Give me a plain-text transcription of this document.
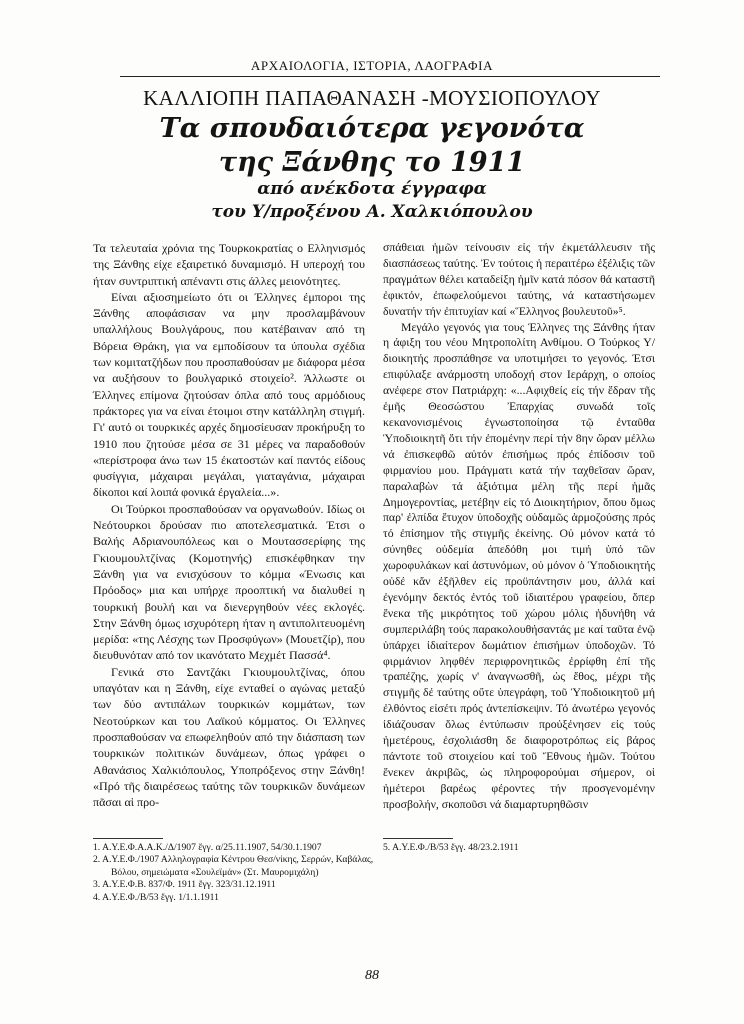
ΑΡΧΑΙΟΛΟΓΙΑ, ΙΣΤΟΡΙΑ, ΛΑΟΓΡΑΦΙΑ
ΚΑΛΛΙΟΠΗ ΠΑΠΑΘΑΝΑΣΗ -ΜΟΥΣΙΟΠΟΥΛΟΥ
Τα σπουδαιότερα γεγονότα
της Ξάνθης το 1911
από ανέκδοτα έγγραφα
του Υ/προξένου Α. Χαλκιόπουλου

Τα τελευταία χρόνια της Τουρκοκρατίας ο Ελληνισμός της Ξάνθης είχε εξαιρετικό δυναμισμό. Η υπεροχή του ήταν συντριπτική απέναντι στις άλλες μειονότητες.

Είναι αξιοσημείωτο ότι οι Έλληνες έμποροι της Ξάνθης αποφάσισαν να μην προσλαμβάνουν υπαλλήλους Βουλγάρους, που κατέβαιναν από τη Βόρεια Θράκη, για να εμποδίσουν τα ύπουλα σχέδια των κομιτατζήδων που προσπαθούσαν με διάφορα μέσα να αυξήσουν το βουλγαρικό στοιχείο². Άλλωστε οι Έλληνες επίμονα ζητούσαν όπλα από τους αρμόδιους πράκτορες για να είναι έτοιμοι στην κατάλληλη στιγμή. Γι' αυτό οι τουρκικές αρχές δημοσίευσαν προκήρυξη το 1910 που ζητούσε μέσα σε 31 μέρες να παραδοθούν «περίστροφα άνω των 15 έκατοστών καί παντός είδους φυσίγγια, μάχαιραι μεγάλαι, γιαταγάνια, μάχαιραι δίκοποι καί λοιπά φονικά έργαλεία...».

Οι Τούρκοι προσπαθούσαν να οργανωθούν. Ιδίως οι Νεότουρκοι δρούσαν πιο αποτελεσματικά. Έτσι ο Βαλής Αδριανουπόλεως και ο Μουτασσερίφης της Γκιουμουλτζίνας (Κομοτηνής) επισκέφθηκαν την Ξάνθη για να ενισχύσουν το κόμμα «Ένωσις και Πρόοδος» μια και υπήρχε προοπτική να διαλυθεί η τουρκική βουλή και να διενεργηθούν νέες εκλογές. Στην Ξάνθη όμως ισχυρότερη ήταν η αντιπολιτευομένη μερίδα: «της Λέσχης των Προσφύγων» (Μουετζίρ), που διευθυνόταν από τον ικανότατο Μεχμέτ Πασσά⁴.

Γενικά στο Σαντζάκι Γκιουμουλτζίνας, όπου υπαγόταν και η Ξάνθη, είχε ενταθεί ο αγώνας μεταξύ των δύο αντιπάλων τουρκικών κομμάτων, των Νεοτούρκων και του Λαϊκού κόμματος. Οι Έλληνες προσπαθούσαν να επωφεληθούν από την διάσπαση των τουρκικών πολιτικών δυνάμεων, όπως γράφει ο Αθανάσιος Χαλκιόπουλος, Υποπρόξενος στην Ξάνθη! «Πρό τῆς διαιρέσεως ταύτης τῶν τουρκικῶν δυνάμεων πᾶσαι αἱ προ-

σπάθειαι ἡμῶν τείνουσιν εἰς τήν ἐκμετάλλευσιν τῆς διασπάσεως ταύτης. Ἐν τούτοις ἡ περαιτέρω ἐξέλιξις τῶν πραγμάτων θέλει καταδείξη ἡμῖν κατά πόσον θά καταστῆ ἐφικτόν, ἐπωφελούμενοι ταύτης, νά καταστήσωμεν δυνατήν τήν ἐπιτυχίαν καί «Ἕλληνος βουλευτοῦ»⁵.

Μεγάλο γεγονός για τους Έλληνες της Ξάνθης ήταν η άφιξη του νέου Μητροπολίτη Ανθίμου. Ο Τούρκος Υ/διοικητής προσπάθησε να υποτιμήσει το γεγονός. Έτσι επιφύλαξε ανάρμοστη υποδοχή στον Ιεράρχη, ο οποίος ανέφερε στον Πατριάρχη: «...Αφιχθείς είς τήν ἕδραν τῆς ἐμῆς Θεοσώστου Ἐπαρχίας συνωδά τοῖς κεκανονισμένοις ἐγνωστοποίησα τῷ ἐνταῦθα Ὑποδιοικητῆ ὅτι τήν ἐπομένην περί τήν 8ην ὥραν μέλλω νά ἐπισκεφθῶ αὐτόν ἐπισήμως πρός ἐπίδοσιν τοῦ φιρμανίου μου. Πράγματι κατά τήν ταχθεῖσαν ὥραν, παραλαβὼν τά ἀξιότιμα μέλη τῆς περί ἡμᾶς Δημογεροντίας, μετέβην εἰς τό Διοικητήριον, ὅπου ὅμως παρ' ἐλπίδα ἔτυχον ὑποδοχῆς οὐδαμῶς ἁρμοζούσης πρός τό ἐπίσημον τῆς στιγμῆς ἐκείνης. Οὐ μόνον κατά τό σύνηθες οὐδεμία ἀπεδόθη μοι τιμή ὑπό τῶν χωροφυλάκων καί ἀστυνόμων, οὐ μόνον ὁ Ὑποδιοικητής οὐδέ κἄν ἐξῆλθεν εἰς προϋπάντησιν μου, ἀλλά καί ἐγενόμην δεκτός ἐντός τοῦ ἰδιαιτέρου γραφείου, ὅπερ ἕνεκα τῆς μικρότητος τοῦ χώρου μόλις ἠδυνήθη νά συμπεριλάβη τούς παρακολουθήσαντάς με καί ταῦτα ἐνῷ ὑπάρχει ἰδιαίτερον δωμάτιον ἐπισήμων ὑποδοχῶν. Τό φιρμάνιον ληφθέν περιφρονητικῶς ἐρρίφθη ἐπί τῆς τραπέζης, χωρίς ν' ἀναγνωσθῆ, ὡς ἔθος, μέχρι τῆς στιγμῆς δέ ταύτης οὔτε ὑπεγράφη, τοῦ Ὑποδιοικητοῦ μή ἐλθόντος εἰσέτι πρός ἀντεπίσκεψιν. Τό ἀνωτέρω γεγονός ἰδιάζουσαν ὅλως ἐντύπωσιν προὐξένησεν εἰς τούς ἡμετέρους, ἐσχολιάσθη δε διαφοροτρόπως εἰς βάρος πάντοτε τοῦ στοιχείου καί τοῦ Ἔθνους ἡμῶν. Τούτου ἕνεκεν ἀκριβῶς, ὡς πληροφορούμαι σήμερον, οἱ ἡμέτεροι βαρέως φέροντες τήν προσγενομένην προσβολήν, σκοποῦσι νά διαμαρτυρηθῶσιν

1. Α.Υ.Ε.Φ.Α.Α.Κ./Δ/1907 ἔγγ. α/25.11.1907, 54/30.1.1907

2. Α.Υ.Ε.Φ./1907 Αλληλογραφία Κέντρου Θεσ/νίκης, Σερρών, Καβάλας, Βόλου, σημειώματα «Σουλεϊμάν» (Στ. Μαυρομιχάλη)

3. Α.Υ.Ε.Φ.Β. 837/Φ. 1911 ἔγγ. 323/31.12.1911

4. Α.Υ.Ε.Φ./Β/53 ἔγγ. 1/1.1.1911

5. Α.Υ.Ε.Φ./Β/53 ἔγγ. 48/23.2.1911

88
